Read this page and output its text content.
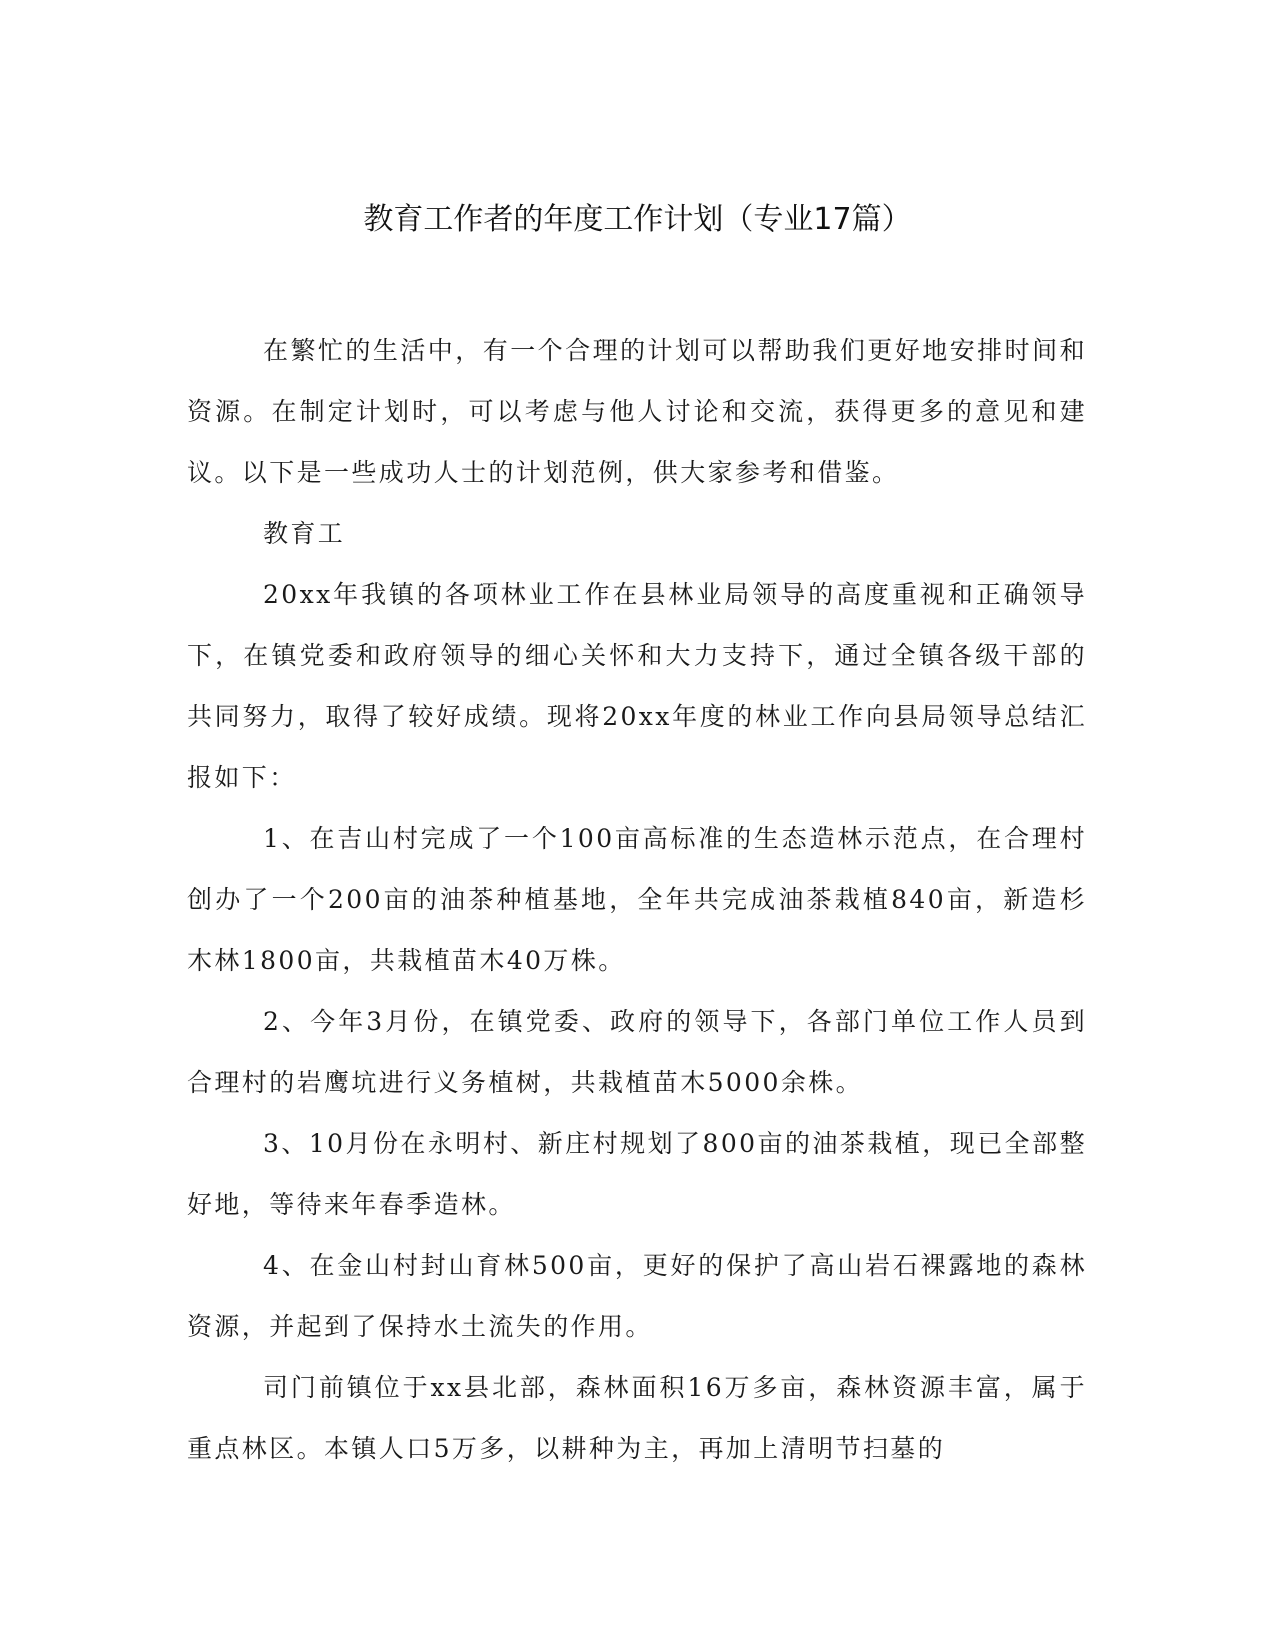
教育工作者的年度工作计划（专业17篇）

在繁忙的生活中，有一个合理的计划可以帮助我们更好地安排时间和资源。在制定计划时，可以考虑与他人讨论和交流，获得更多的意见和建议。以下是一些成功人士的计划范例，供大家参考和借鉴。

教育工

20xx年我镇的各项林业工作在县林业局领导的高度重视和正确领导下，在镇党委和政府领导的细心关怀和大力支持下，通过全镇各级干部的共同努力，取得了较好成绩。现将20xx年度的林业工作向县局领导总结汇报如下：

1、在吉山村完成了一个100亩高标准的生态造林示范点，在合理村创办了一个200亩的油茶种植基地，全年共完成油茶栽植840亩，新造杉木林1800亩，共栽植苗木40万株。

2、今年3月份，在镇党委、政府的领导下，各部门单位工作人员到合理村的岩鹰坑进行义务植树，共栽植苗木5000余株。

3、10月份在永明村、新庄村规划了800亩的油茶栽植，现已全部整好地，等待来年春季造林。

4、在金山村封山育林500亩，更好的保护了高山岩石裸露地的森林资源，并起到了保持水土流失的作用。

司门前镇位于xx县北部，森林面积16万多亩，森林资源丰富，属于重点林区。本镇人口5万多，以耕种为主，再加上清明节扫墓的
